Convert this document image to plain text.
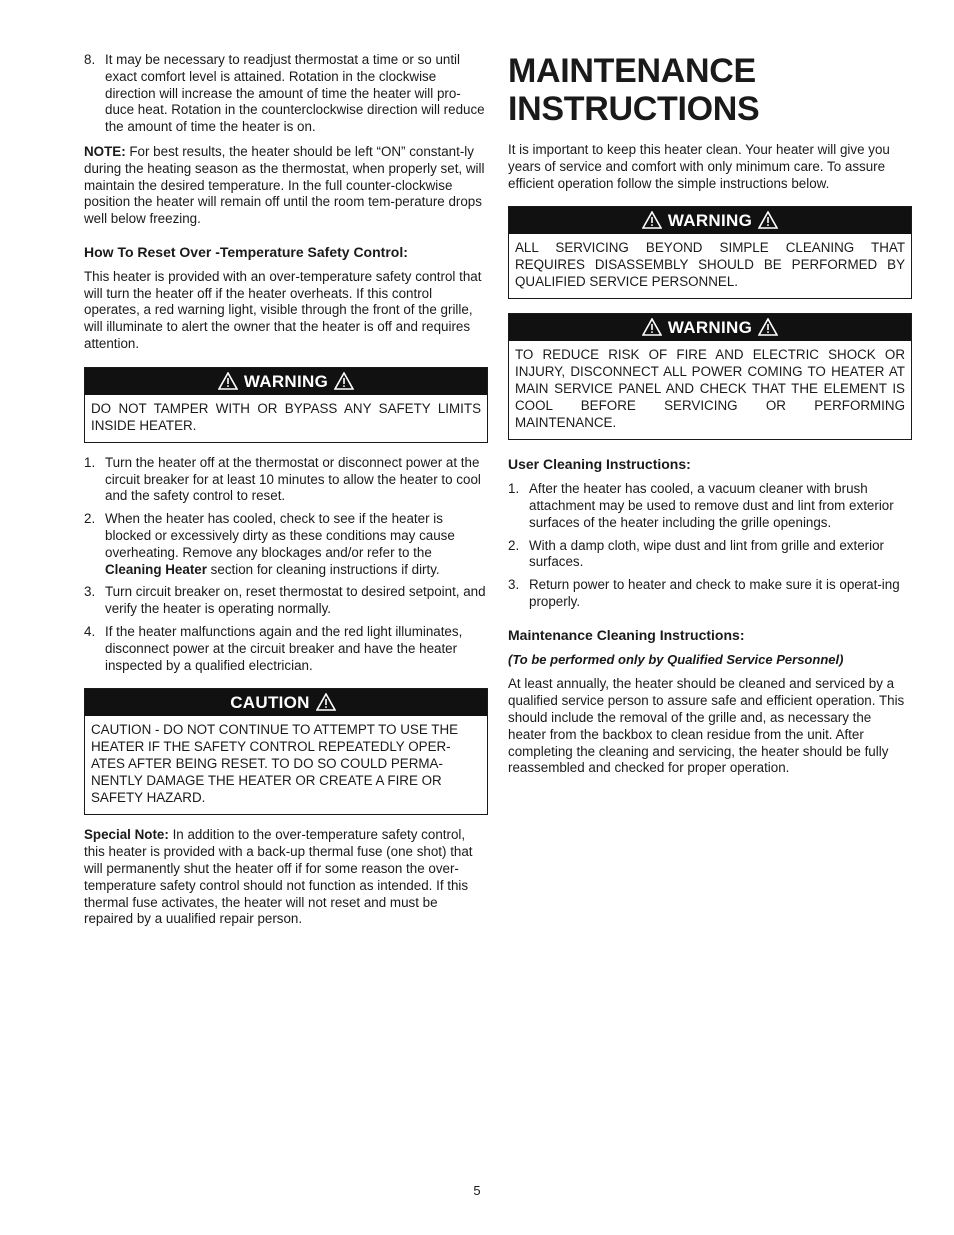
8. It may be necessary to readjust thermostat a time or so until exact comfort level is attained. Rotation in the clockwise direction will increase the amount of time the heater will pro-duce heat. Rotation in the counterclockwise direction will reduce the amount of time the heater is on.

NOTE: For best results, the heater should be left “ON” constant-ly during the heating season as the thermostat, when properly set, will maintain the desired temperature. In the full counter-clockwise position the heater will remain off until the room tem-perature drops well below freezing.

How To Reset Over -Temperature Safety Control:

This heater is provided with an over-temperature safety control that will turn the heater off if the heater overheats. If this control operates, a red warning light, visible through the front of the grille, will illuminate to alert the owner that the heater is off and requires attention.

WARNING
DO NOT TAMPER WITH OR BYPASS ANY SAFETY LIMITS INSIDE HEATER.
1. Turn the heater off at the thermostat or disconnect power at the circuit breaker for at least 10 minutes to allow the heater to cool and the safety control to reset.
2. When the heater has cooled, check to see if the heater is blocked or excessively dirty as these conditions may cause overheating. Remove any blockages and/or refer to the Cleaning Heater section for cleaning instructions if dirty.
3. Turn circuit breaker on, reset thermostat to desired setpoint, and verify the heater is operating normally.
4. If the heater malfunctions again and the red light illuminates, disconnect power at the circuit breaker and have the heater inspected by a qualified electrician.
CAUTION
CAUTION - DO NOT CONTINUE TO ATTEMPT TO USE THE HEATER IF THE SAFETY CONTROL REPEATEDLY OPER-ATES AFTER BEING RESET. TO DO SO COULD PERMA-NENTLY DAMAGE THE HEATER OR CREATE A FIRE OR SAFETY HAZARD.

Special Note: In addition to the over-temperature safety control, this heater is provided with a back-up thermal fuse (one shot) that will permanently shut the heater off if for some reason the over-temperature safety control should not function as intended. If this thermal fuse activates, the heater will not reset and must be repaired by a uualified repair person.

MAINTENANCE
INSTRUCTIONS

It is important to keep this heater clean. Your heater will give you years of service and comfort with only minimum care. To assure efficient operation follow the simple instructions below.

WARNING
ALL SERVICING BEYOND SIMPLE CLEANING THAT REQUIRES DISASSEMBLY SHOULD BE PERFORMED BY QUALIFIED SERVICE PERSONNEL.
WARNING
TO REDUCE RISK OF FIRE AND ELECTRIC SHOCK OR INJURY, DISCONNECT ALL POWER COMING TO HEATER AT MAIN SERVICE PANEL AND CHECK THAT THE ELEMENT IS COOL BEFORE SERVICING OR PERFORMING MAINTENANCE.
User Cleaning Instructions:
1. After the heater has cooled, a vacuum cleaner with brush attachment may be used to remove dust and lint from exterior surfaces of the heater including the grille openings.
2. With a damp cloth, wipe dust and lint from grille and exterior surfaces.
3. Return power to heater and check to make sure it is operat-ing properly.
Maintenance Cleaning Instructions:
(To be performed only by Qualified Service Personnel)

At least annually, the heater should be cleaned and serviced by a qualified service person to assure safe and efficient operation. This should include the removal of the grille and, as necessary the heater from the backbox to clean residue from the unit. After completing the cleaning and servicing, the heater should be fully reassembled and checked for proper operation.

5
